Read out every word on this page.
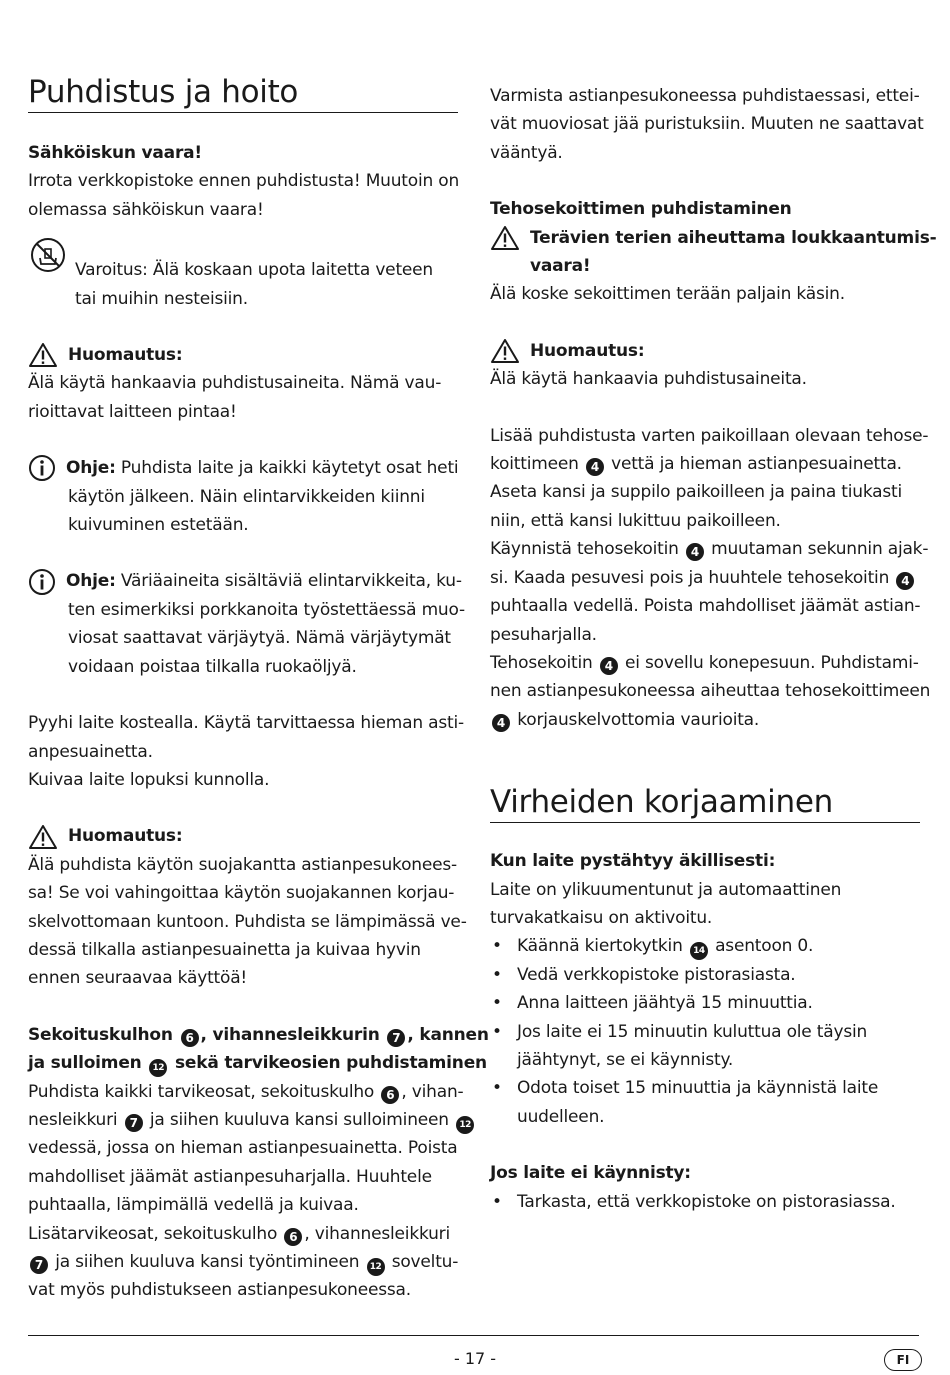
Puhdistus ja hoito

Sähköiskun vaara!

Irrota verkkopistoke ennen puhdistusta! Muutoin on

olemassa sähköiskun vaara!

Varoitus: Älä koskaan upota laitetta veteen

tai muihin nesteisiin.

Huomautus:

Älä käytä hankaavia puhdistusaineita. Nämä vau-

rioittavat laitteen pintaa!

Ohje: Puhdista laite ja kaikki käytetyt osat heti

käytön jälkeen. Näin elintarvikkeiden kiinni

kuivuminen estetään.

Ohje: Väriäaineita sisältäviä elintarvikkeita, ku-

ten esimerkiksi porkkanoita työstettäessä muo-

viosat saattavat värjäytyä. Nämä värjäytymät

voidaan poistaa tilkalla ruokaöljyä.

Pyyhi laite kostealla. Käytä tarvittaessa hieman asti-

anpesuainetta.

Kuivaa laite lopuksi kunnolla.

Huomautus:

Älä puhdista käytön suojakantta astianpesukonees-

sa! Se voi vahingoittaa käytön suojakannen korjau-

skelvottomaan kuntoon. Puhdista se lämpimässä ve-

dessä tilkalla astianpesuainetta ja kuivaa hyvin

ennen seuraavaa käyttöä!

Sekoituskulhon 6 , vihannesleikkurin 7 , kannen

ja sulloimen 12 sekä tarvikeosien puhdistaminen

Puhdista kaikki tarvikeosat, sekoituskulho 6 , vihan-

nesleikkuri 7 ja siihen kuuluva kansi sulloimineen 12

vedessä, jossa on hieman astianpesuainetta. Poista

mahdolliset jäämät astianpesuharjalla. Huuhtele

puhtaalla, lämpimällä vedellä ja kuivaa.

Lisätarvikeosat, sekoituskulho 6 , vihannesleikkuri

7 ja siihen kuuluva kansi työntimineen 12 soveltu-

vat myös puhdistukseen astianpesukoneessa.

Varmista astianpesukoneessa puhdistaessasi, ettei-

vät muoviosat jää puristuksiin. Muuten ne saattavat

vääntyä.

Tehosekoittimen puhdistaminen

Terävien terien aiheuttama loukkaantumis-

vaara!

Älä koske sekoittimen terään paljain käsin.

Huomautus:

Älä käytä hankaavia puhdistusaineita.

Lisää puhdistusta varten paikoillaan olevaan tehose-

koittimeen 4 vettä ja hieman astianpesuainetta.

Aseta kansi ja suppilo paikoilleen ja paina tiukasti

niin, että kansi lukittuu paikoilleen.

Käynnistä tehosekoitin 4 muutaman sekunnin ajak-

si. Kaada pesuvesi pois ja huuhtele tehosekoitin 4

puhtaalla vedellä. Poista mahdolliset jäämät astian-

pesuharjalla.

Tehosekoitin 4 ei sovellu konepesuun. Puhdistami-

nen astianpesukoneessa aiheuttaa tehosekoittimeen

4 korjauskelvottomia vaurioita.

Virheiden korjaaminen

Kun laite pystähtyy äkillisesti:

Laite on ylikuumentunut ja automaattinen

turvakatkaisu on aktivoitu.

• Käännä kiertokytkin 14 asentoon 0.

• Vedä verkkopistoke pistorasiasta.

• Anna laitteen jäähtyä 15 minuuttia.

• Jos laite ei 15 minuutin kuluttua ole täysin

jäähtynyt, se ei käynnisty.

• Odota toiset 15 minuuttia ja käynnistä laite

uudelleen.

Jos laite ei käynnisty:

• Tarkasta, että verkkopistoke on pistorasiassa.

- 17 -	FI
